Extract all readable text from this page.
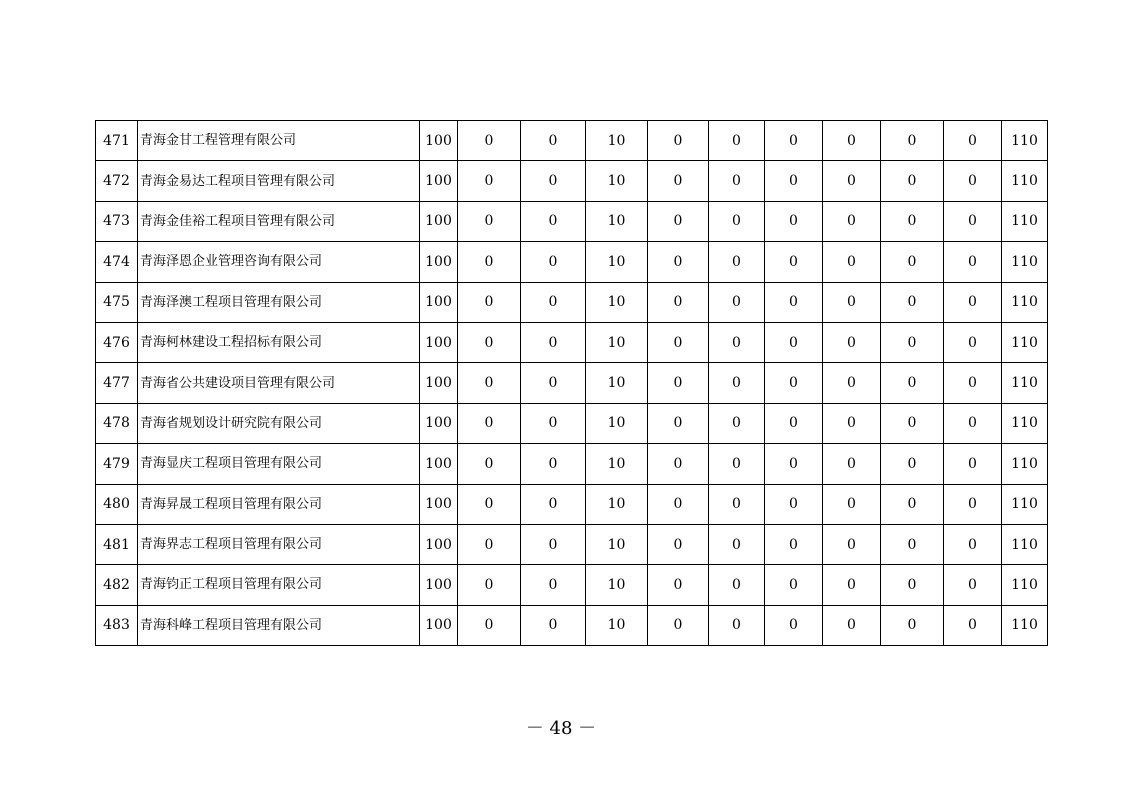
471	青海金甘工程管理有限公司	100	0	0	10	0	0	0	0	0	0	110
472	青海金易达工程项目管理有限公司	100	0	0	10	0	0	0	0	0	0	110
473	青海金佳裕工程项目管理有限公司	100	0	0	10	0	0	0	0	0	0	110
474	青海泽恩企业管理咨询有限公司	100	0	0	10	0	0	0	0	0	0	110
475	青海泽澳工程项目管理有限公司	100	0	0	10	0	0	0	0	0	0	110
476	青海柯林建设工程招标有限公司	100	0	0	10	0	0	0	0	0	0	110
477	青海省公共建设项目管理有限公司	100	0	0	10	0	0	0	0	0	0	110
478	青海省规划设计研究院有限公司	100	0	0	10	0	0	0	0	0	0	110
479	青海显庆工程项目管理有限公司	100	0	0	10	0	0	0	0	0	0	110
480	青海昇晟工程项目管理有限公司	100	0	0	10	0	0	0	0	0	0	110
481	青海界志工程项目管理有限公司	100	0	0	10	0	0	0	0	0	0	110
482	青海钧正工程项目管理有限公司	100	0	0	10	0	0	0	0	0	0	110
483	青海科峰工程项目管理有限公司	100	0	0	10	0	0	0	0	0	0	110
－ 48 －
